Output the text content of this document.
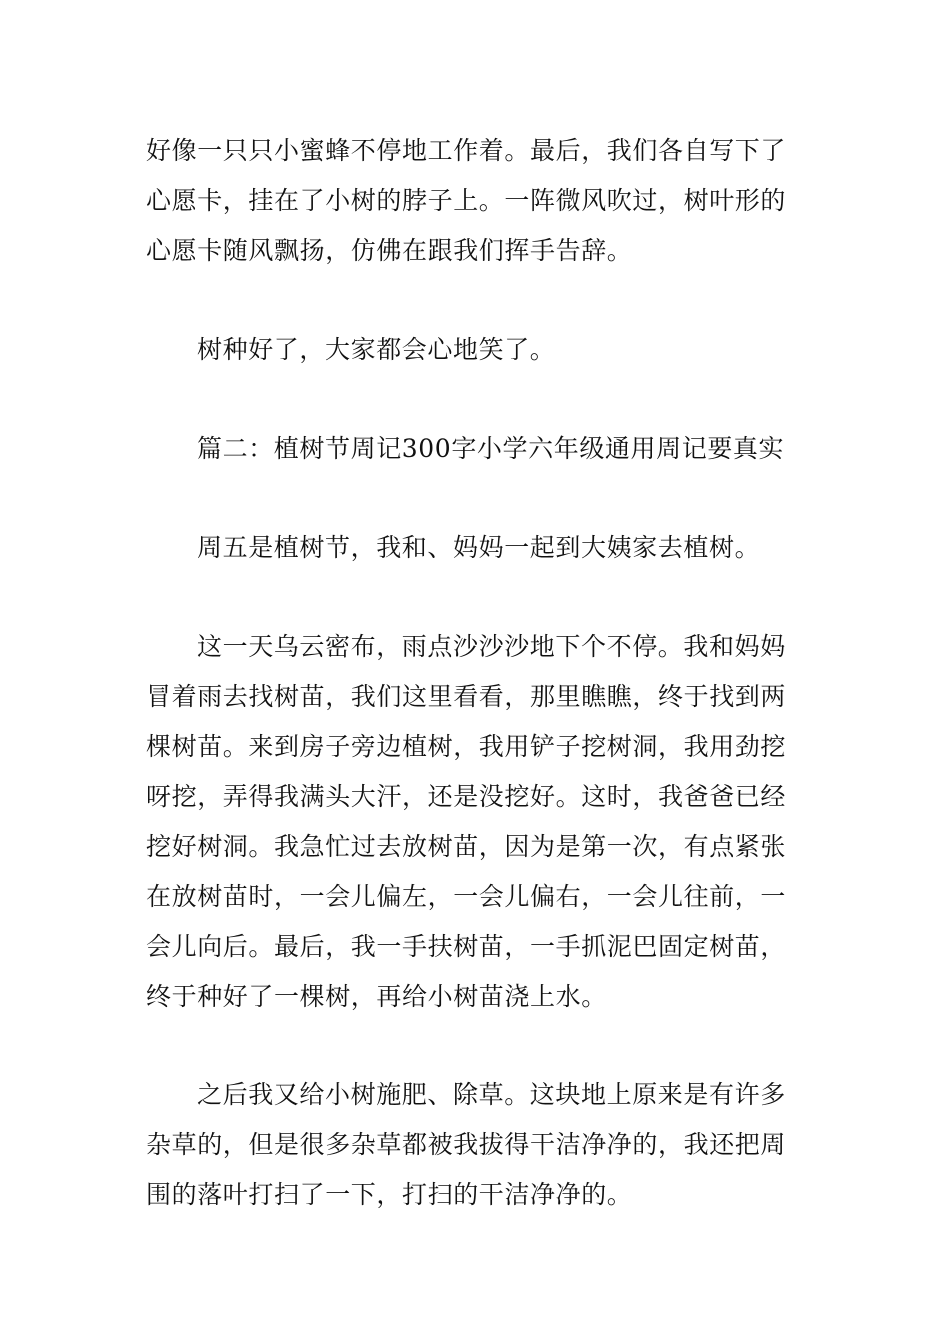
好像一只只小蜜蜂不停地工作着。最后，我们各自写下了心愿卡，挂在了小树的脖子上。一阵微风吹过，树叶形的心愿卡随风飘扬，仿佛在跟我们挥手告辞。

树种好了，大家都会心地笑了。

篇二：植树节周记300字小学六年级通用周记要真实

周五是植树节，我和、妈妈一起到大姨家去植树。

这一天乌云密布，雨点沙沙沙地下个不停。我和妈妈冒着雨去找树苗，我们这里看看，那里瞧瞧，终于找到两棵树苗。来到房子旁边植树，我用铲子挖树洞，我用劲挖呀挖，弄得我满头大汗，还是没挖好。这时，我爸爸已经挖好树洞。我急忙过去放树苗，因为是第一次，有点紧张在放树苗时，一会儿偏左，一会儿偏右，一会儿往前，一会儿向后。最后，我一手扶树苗，一手抓泥巴固定树苗，终于种好了一棵树，再给小树苗浇上水。

之后我又给小树施肥、除草。这块地上原来是有许多杂草的，但是很多杂草都被我拔得干洁净净的，我还把周围的落叶打扫了一下，打扫的干洁净净的。
